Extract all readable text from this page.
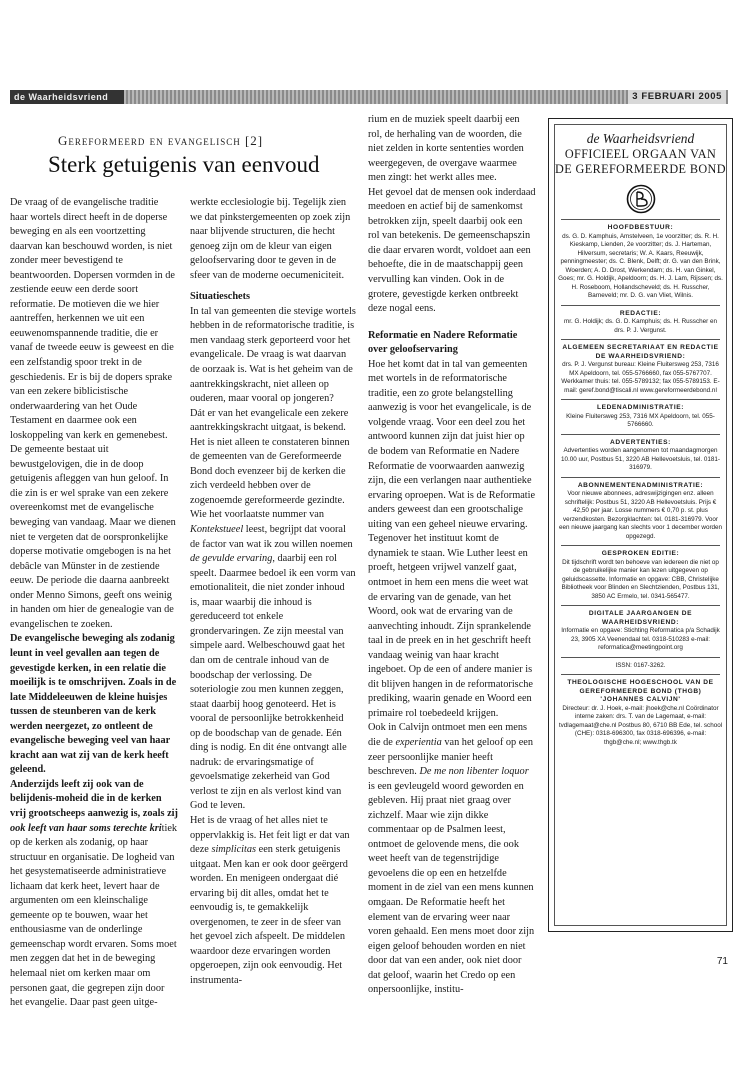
de Waarheidsvriend	3 FEBRUARI 2005
Gereformeerd en evangelisch [2]
Sterk getuigenis van eenvoud

De vraag of de evangelische traditie haar wortels direct heeft in de doperse beweging en als een voortzetting daarvan kan beschouwd worden, is niet zonder meer bevestigend te beantwoorden. Dopersen vormden in de zestiende eeuw een derde soort reformatie. De motieven die we hier aantreffen, herkennen we uit een eeuwenomspannende traditie, die er vanaf de tweede eeuw is geweest en die een zelfstandig spoor trekt in de geschiedenis. Er is bij de dopers sprake van een zekere biblicistische onderwaardering van het Oude Testament en daarmee ook een loskoppeling van kerk en gemenebest. De gemeente bestaat uit bewustgelovigen, die in de doop getuigenis afleggen van hun geloof. In die zin is er wel sprake van een zekere overeenkomst met de evangelische beweging van vandaag. Maar we dienen niet te vergeten dat de oorspronkelijke doperse motivatie omgebogen is na het debâcle van Münster in de zestiende eeuw. De periode die daarna aanbreekt onder Menno Simons, geeft ons weinig in handen om hier de genealogie van de evangelischen te zoeken.

De evangelische beweging als zodanig leunt in veel gevallen aan tegen de gevestigde kerken, in een relatie die moeilijk is te omschrijven. Zoals in de late Middeleeuwen de kleine huisjes tussen de steunberen van de kerk werden neergezet, zo ontleent de evangelische beweging veel van haar kracht aan wat zij van de kerk heeft geleend.

Anderzijds leeft zij ook van de belijdenis-moheid die in de kerken vrij grootscheeps aanwezig is, zoals zij ook leeft van haar soms terechte kritiek op de kerken als zodanig, op haar structuur en organisatie. De logheid van het gesystematiseerde administratieve lichaam dat kerk heet, levert haar de argumenten om een kleinschalige gemeente op te bouwen, waar het enthousiasme van de onderlinge gemeenschap wordt ervaren. Soms moet men zeggen dat het in de beweging helemaal niet om kerken maar om personen gaat, die gegrepen zijn door het evangelie. Daar past geen uitge-

werkte ecclesiologie bij. Tegelijk zien we dat pinkstergemeenten op zoek zijn naar blijvende structuren, die hecht genoeg zijn om de kleur van eigen geloofservaring door te geven in de sfeer van de moderne oecumeniciteit.

Situatieschets

In tal van gemeenten die stevige wortels hebben in de reformatorische traditie, is men vandaag sterk geporteerd voor het evangelicale. De vraag is wat daarvan de oorzaak is. Wat is het geheim van de aantrekkingskracht, niet alleen op ouderen, maar vooral op jongeren?

Dát er van het evangelicale een zekere aantrekkingskracht uitgaat, is bekend. Het is niet alleen te constateren binnen de gemeenten van de Gereformeerde Bond doch evenzeer bij de kerken die zich verdeeld hebben over de zogenoemde gereformeerde gezindte. Wie het voorlaatste nummer van Kontekstueel leest, begrijpt dat vooral de factor van wat ik zou willen noemen de gevulde ervaring, daarbij een rol speelt. Daarmee bedoel ik een vorm van emotionaliteit, die niet zonder inhoud is, maar waarbij die inhoud is gereduceerd tot enkele grondervaringen. Ze zijn meestal van simpele aard. Welbeschouwd gaat het dan om de centrale inhoud van de boodschap der verlossing. De soteriologie zou men kunnen zeggen, staat daarbij hoog genoteerd. Het is vooral de persoonlijke betrokkenheid op de boodschap van de genade. Eén ding is nodig. En dit éne ontvangt alle nadruk: de ervaringsmatige of gevoelsmatige zekerheid van God verlost te zijn en als verlost kind van God te leven.

Het is de vraag of het alles niet te oppervlakkig is. Het feit ligt er dat van deze simplicitas een sterk getuigenis uitgaat. Men kan er ook door geërgerd worden. En menigeen ondergaat dié ervaring bij dit alles, omdat het te eenvoudig is, te gemakkelijk overgenomen, te zeer in de sfeer van het gevoel zich afspeelt. De middelen waardoor deze ervaringen worden opgeroepen, zijn ook eenvoudig. Het instrumenta-

rium en de muziek speelt daarbij een rol, de herhaling van de woorden, die niet zelden in korte sententies worden weergegeven, de overgave waarmee men zingt: het werkt alles mee.

Het gevoel dat de mensen ook inderdaad meedoen en actief bij de samenkomst betrokken zijn, speelt daarbij ook een rol van betekenis. De gemeenschapszin die daar ervaren wordt, voldoet aan een behoefte, die in de maatschappij geen vervulling kan vinden. Ook in de grotere, gevestigde kerken ontbreekt deze nogal eens.

Reformatie en Nadere Reformatie over geloofservaring

Hoe het komt dat in tal van gemeenten met wortels in de reformatorische traditie, een zo grote belangstelling aanwezig is voor het evangelicale, is de volgende vraag. Voor een deel zou het antwoord kunnen zijn dat juist hier op de bodem van Reformatie en Nadere Reformatie de voorwaarden aanwezig zijn, die een verlangen naar authentieke ervaring oproepen. Wat is de Reformatie anders geweest dan een grootschalige uiting van een geheel nieuwe ervaring. Tegenover het instituut komt de dynamiek te staan. Wie Luther leest en proeft, hetgeen vrijwel vanzelf gaat, ontmoet in hem een mens die weet wat de ervaring van de genade, van het Woord, ook wat de ervaring van de aanvechting inhoudt. Zijn sprankelende taal in de preek en in het geschrift heeft vandaag weinig van haar kracht ingeboet. Op de een of andere manier is dit blijven hangen in de reformatorische prediking, waarin genade en Woord een primaire rol toebedeeld krijgen.

Ook in Calvijn ontmoet men een mens die de experientia van het geloof op een zeer persoonlijke manier heeft beschreven. De me non libenter loquor is een gevleugeld woord geworden en gebleven. Hij praat niet graag over zichzelf. Maar wie zijn dikke commentaar op de Psalmen leest, ontmoet de gelovende mens, die ook weet heeft van de tegenstrijdige gevoelens die op een en hetzelfde moment in de ziel van een mens kunnen omgaan. De Reformatie heeft het element van de ervaring weer naar voren gehaald. Een mens moet door zijn eigen geloof behouden worden en niet door dat van een ander, ook niet door dat geloof, waarin het Credo op een onpersoonlijke, institu-

de Waarheidsvriend
OFFICIEEL ORGAAN VAN DE GEREFORMEERDE BOND
HOOFDBESTUUR:
ds. G. D. Kamphuis, Amstelveen, 1e voorzitter; ds. R. H. Kieskamp, Lienden, 2e voorzitter; ds. J. Harteman, Hilversum, secretaris; W. A. Kaars, Reeuwijk, penningmeester; ds. C. Blenk, Delft; dr. G. van den Brink, Woerden; A. D. Drost, Werkendam; ds. H. van Ginkel, Goes; mr. G. Holdijk, Apeldoorn; ds. H. J. Lam, Rijssen; ds. H. Roseboom, Hollandscheveld; ds. H. Russcher, Barneveld; mr. D. G. van Vliet, Wilnis.
REDACTIE:
mr. G. Holdijk; ds. G. D. Kamphuis; ds. H. Russcher en drs. P. J. Vergunst.
ALGEMEEN SECRETARIAAT EN REDACTIE DE WAARHEIDSVRIEND:
drs. P. J. Vergunst bureau: Kleine Fluitersweg 253, 7316 MX Apeldoorn, tel. 055-5766660, fax 055-5767707. Werkkamer thuis: tel. 055-5789132; fax 055-5789153. E-mail: geref.bond@tiscali.nl www.gereformeerdebond.nl
LEDENADMINISTRATIE:
Kleine Fluitersweg 253, 7316 MX Apeldoorn, tel. 055-5766660.
ADVERTENTIES:
Advertenties worden aangenomen tot maandagmorgen 10.00 uur, Postbus 51, 3220 AB Hellevoetsluis, tel. 0181-316979.
ABONNEMENTENADMINISTRATIE:
Voor nieuwe abonnees, adreswijzigingen enz. alleen schriftelijk: Postbus 51, 3220 AB Hellevoetsluis. Prijs € 42,50 per jaar. Losse nummers € 0,70 p. st. plus verzendkosten. Bezorgklachten: tel. 0181-316979. Voor een nieuwe jaargang kan slechts voor 1 december worden opgezegd.
GESPROKEN EDITIE:
Dit tijdschrift wordt ten behoeve van iedereen die niet op de gebruikelijke manier kan lezen uitgegeven op geluidscassette. Informatie en opgave: CBB, Christelijke Bibliotheek voor Blinden en Slechtzienden, Postbus 131, 3850 AC Ermelo, tel. 0341-565477.
DIGITALE JAARGANGEN DE WAARHEIDSVRIEND:
Informatie en opgave: Stichting Reformatica p/a Schadijk 23, 3905 XA Veenendaal tel. 0318-510283 e-mail: reformatica@meetingpoint.org
ISSN: 0167-3262.
THEOLOGISCHE HOGESCHOOL VAN DE GEREFORMEERDE BOND (THGB) 'JOHANNES CALVIJN'
Directeur: dr. J. Hoek, e-mail: jhoek@che.nl Coördinator interne zaken: drs. T. van de Lagemaat, e-mail: tvdlagemaat@che.nl Postbus 80, 6710 BB Ede, tel. school (CHE): 0318-696300, fax 0318-696396, e-mail: thgb@che.nl; www.thgb.tk
71
